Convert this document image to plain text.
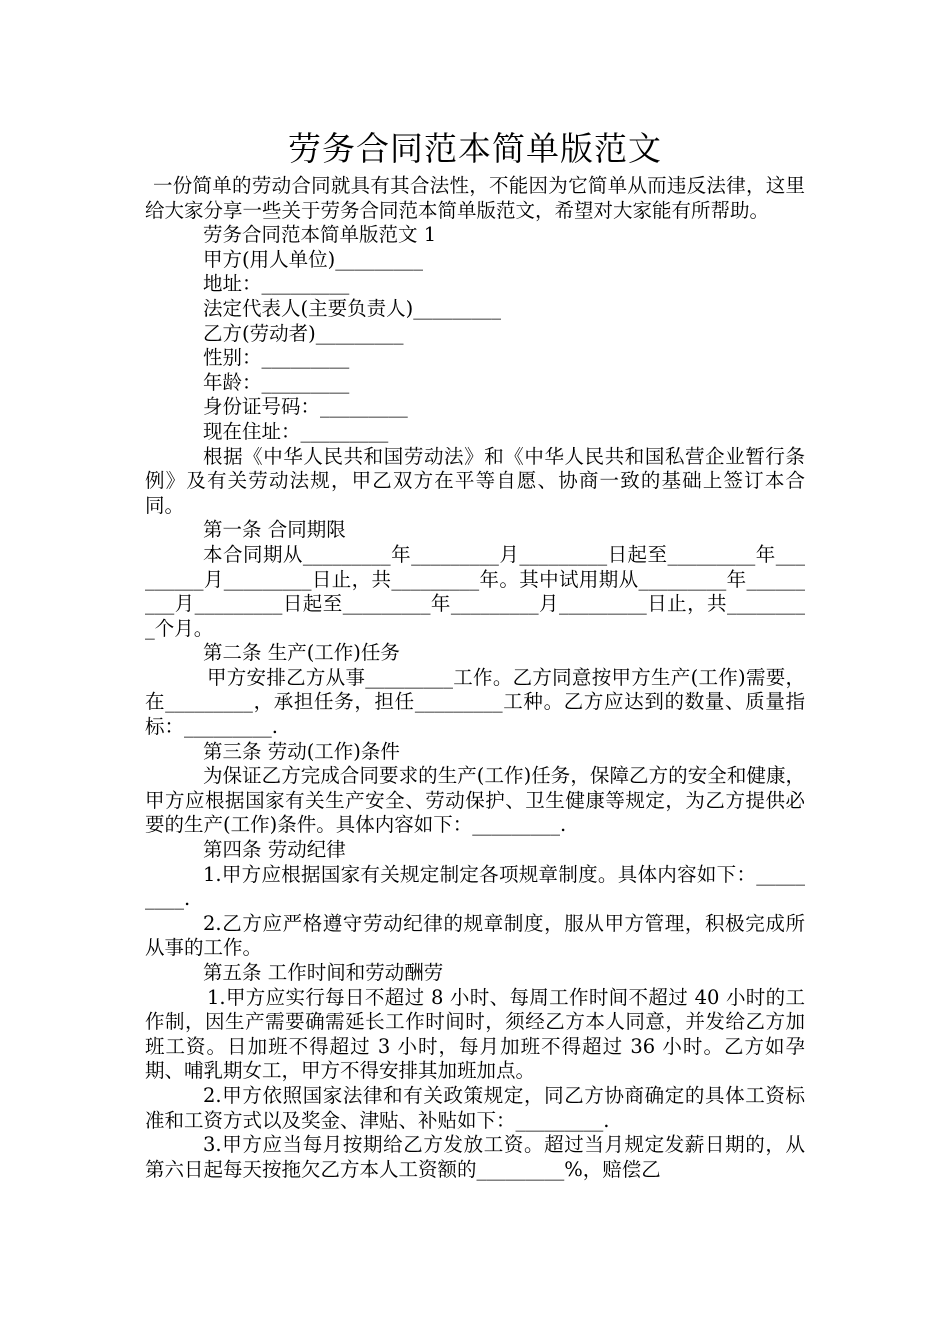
劳务合同范本简单版范文

一份简单的劳动合同就具有其合法性，不能因为它简单从而违反法律，这里给大家分享一些关于劳务合同范本简单版范文，希望对大家能有所帮助。

劳务合同范本简单版范文 1

甲方(用人单位)_________

地址：_________

法定代表人(主要负责人)_________

乙方(劳动者)_________

性别：_________

年龄：_________

身份证号码：_________

现在住址：_________

根据《中华人民共和国劳动法》和《中华人民共和国私营企业暂行条例》及有关劳动法规，甲乙双方在平等自愿、协商一致的基础上签订本合同。

第一条 合同期限

本合同期从_________年_________月_________日起至_________年_________月_________日止，共_________年。其中试用期从_________年_________月_________日起至_________年_________月_________日止，共_________个月。

第二条 生产(工作)任务

甲方安排乙方从事_________工作。乙方同意按甲方生产(工作)需要，在_________，承担任务，担任_________工种。乙方应达到的数量、质量指标：_________.

第三条 劳动(工作)条件

为保证乙方完成合同要求的生产(工作)任务，保障乙方的安全和健康，甲方应根据国家有关生产安全、劳动保护、卫生健康等规定，为乙方提供必要的生产(工作)条件。具体内容如下：_________.

第四条 劳动纪律

1.甲方应根据国家有关规定制定各项规章制度。具体内容如下：_________.

2.乙方应严格遵守劳动纪律的规章制度，服从甲方管理，积极完成所从事的工作。

第五条 工作时间和劳动酬劳

1.甲方应实行每日不超过 8 小时、每周工作时间不超过 40 小时的工作制，因生产需要确需延长工作时间时，须经乙方本人同意，并发给乙方加班工资。日加班不得超过 3 小时，每月加班不得超过 36 小时。乙方如孕期、哺乳期女工，甲方不得安排其加班加点。

2.甲方依照国家法律和有关政策规定，同乙方协商确定的具体工资标准和工资方式以及奖金、津贴、补贴如下：_________.

3.甲方应当每月按期给乙方发放工资。超过当月规定发薪日期的，从第六日起每天按拖欠乙方本人工资额的_________%，赔偿乙
